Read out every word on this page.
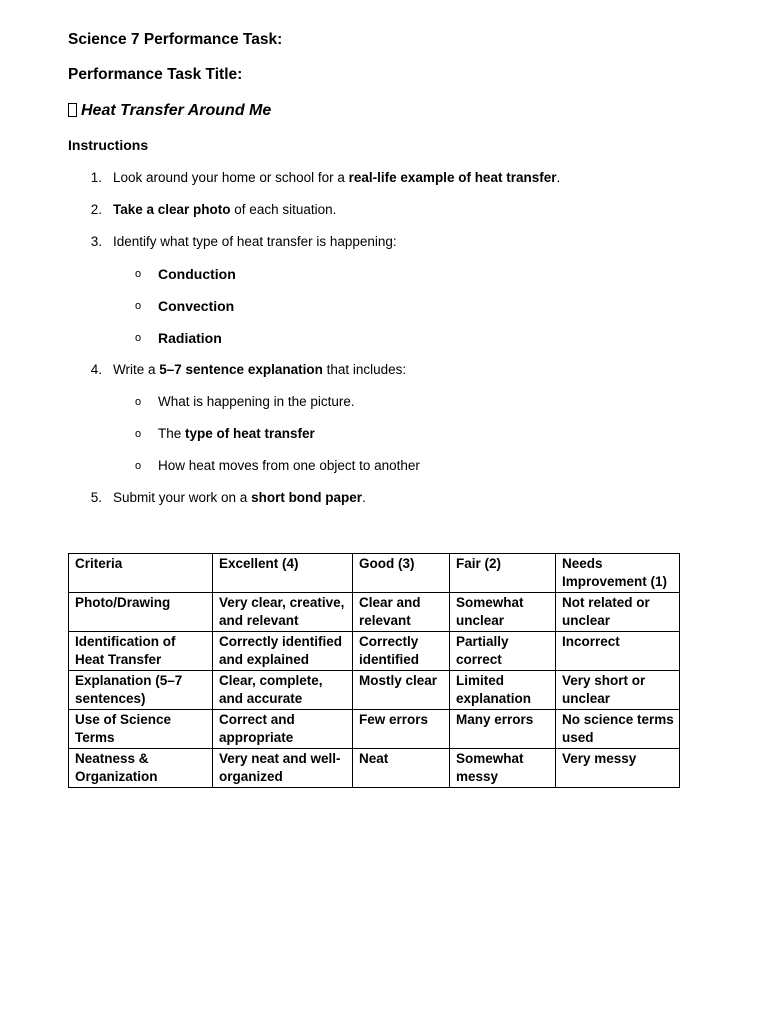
Science 7 Performance Task:
Performance Task Title:
Heat Transfer Around Me
Instructions
1. Look around your home or school for a real-life example of heat transfer.
2. Take a clear photo of each situation.
3. Identify what type of heat transfer is happening:
o Conduction
o Convection
o Radiation
4. Write a 5–7 sentence explanation that includes:
o What is happening in the picture.
o The type of heat transfer
o How heat moves from one object to another
5. Submit your work on a short bond paper.
Criteria	Excellent (4)	Good (3)	Fair (2)	Needs Improvement (1)
Photo/Drawing	Very clear, creative, and relevant	Clear and relevant	Somewhat unclear	Not related or unclear
Identification of Heat Transfer	Correctly identified and explained	Correctly identified	Partially correct	Incorrect
Explanation (5–7 sentences)	Clear, complete, and accurate	Mostly clear	Limited explanation	Very short or unclear
Use of Science Terms	Correct and appropriate	Few errors	Many errors	No science terms used
Neatness & Organization	Very neat and well-organized	Neat	Somewhat messy	Very messy
